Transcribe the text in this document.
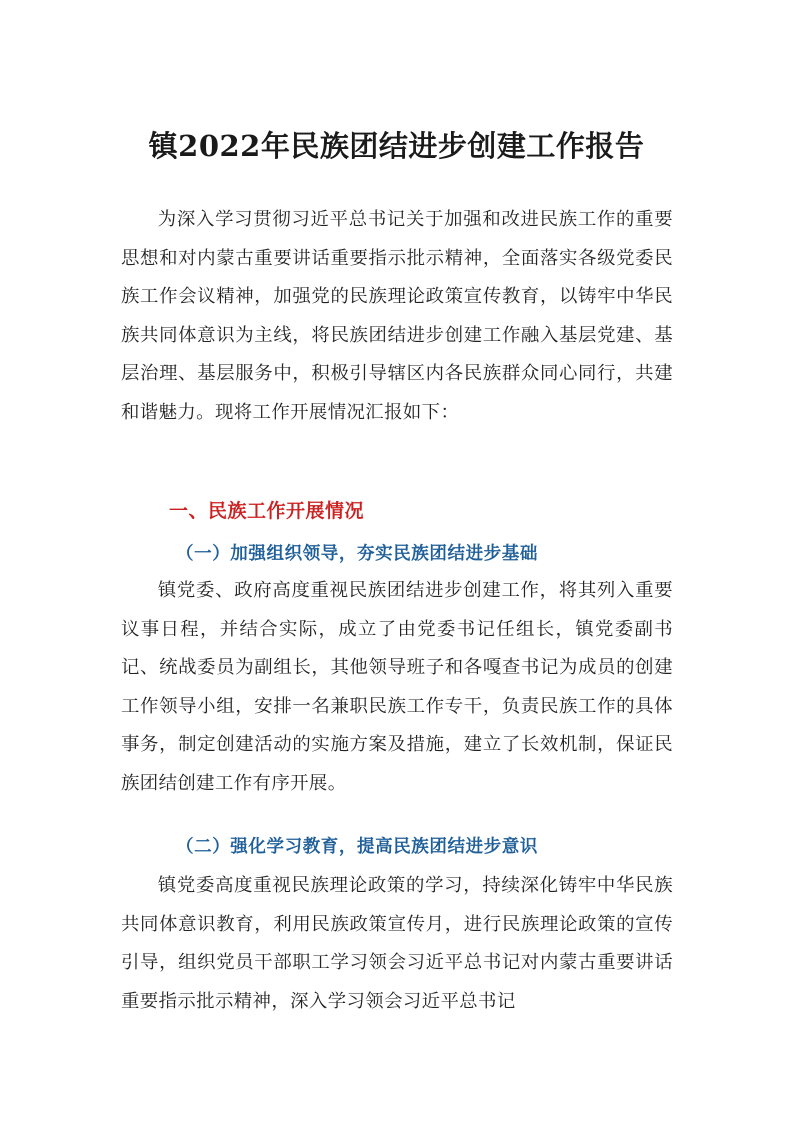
镇2022年民族团结进步创建工作报告

为深入学习贯彻习近平总书记关于加强和改进民族工作的重要思想和对内蒙古重要讲话重要指示批示精神，全面落实各级党委民族工作会议精神，加强党的民族理论政策宣传教育，以铸牢中华民族共同体意识为主线，将民族团结进步创建工作融入基层党建、基层治理、基层服务中，积极引导辖区内各民族群众同心同行，共建和谐魅力。现将工作开展情况汇报如下：

一、民族工作开展情况
（一）加强组织领导，夯实民族团结进步基础

镇党委、政府高度重视民族团结进步创建工作，将其列入重要议事日程，并结合实际，成立了由党委书记任组长，镇党委副书记、统战委员为副组长，其他领导班子和各嘎查书记为成员的创建工作领导小组，安排一名兼职民族工作专干，负责民族工作的具体事务，制定创建活动的实施方案及措施，建立了长效机制，保证民族团结创建工作有序开展。

（二）强化学习教育，提高民族团结进步意识

镇党委高度重视民族理论政策的学习，持续深化铸牢中华民族共同体意识教育，利用民族政策宣传月，进行民族理论政策的宣传引导，组织党员干部职工学习领会习近平总书记对内蒙古重要讲话重要指示批示精神，深入学习领会习近平总书记
